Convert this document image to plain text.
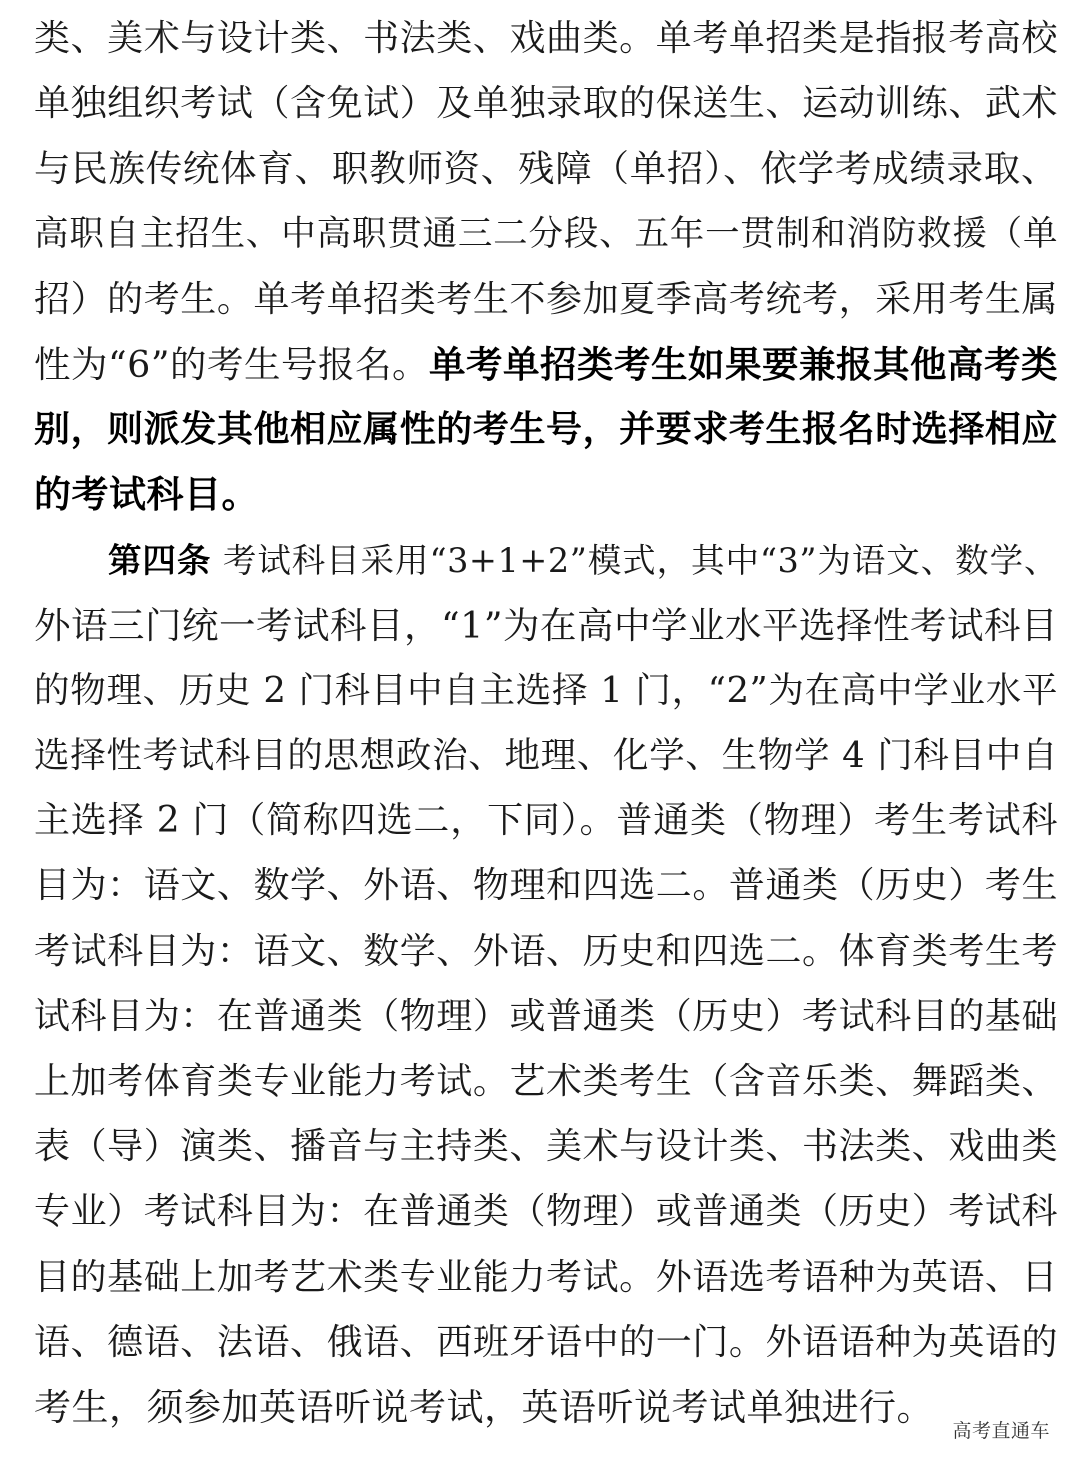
类、美术与设计类、书法类、戏曲类。单考单招类是指报考高校
单独组织考试（含免试）及单独录取的保送生、运动训练、武术
与民族传统体育、职教师资、残障（单招）、依学考成绩录取、
高职自主招生、中高职贯通三二分段、五年一贯制和消防救援（单
招）的考生。单考单招类考生不参加夏季高考统考，采用考生属
性为“6”的考生号报名。单考单招类考生如果要兼报其他高考类
别，则派发其他相应属性的考生号，并要求考生报名时选择相应
的考试科目。
第四条 考试科目采用“3+1+2”模式，其中“3”为语文、数学、
外语三门统一考试科目，“1”为在高中学业水平选择性考试科目
的物理、历史 2 门科目中自主选择 1 门，“2”为在高中学业水平
选择性考试科目的思想政治、地理、化学、生物学 4 门科目中自
主选择 2 门（简称四选二，下同）。普通类（物理）考生考试科
目为：语文、数学、外语、物理和四选二。普通类（历史）考生
考试科目为：语文、数学、外语、历史和四选二。体育类考生考
试科目为：在普通类（物理）或普通类（历史）考试科目的基础
上加考体育类专业能力考试。艺术类考生（含音乐类、舞蹈类、
表（导）演类、播音与主持类、美术与设计类、书法类、戏曲类
专业）考试科目为：在普通类（物理）或普通类（历史）考试科
目的基础上加考艺术类专业能力考试。外语选考语种为英语、日
语、德语、法语、俄语、西班牙语中的一门。外语语种为英语的
考生，须参加英语听说考试，英语听说考试单独进行。
高考直通车
